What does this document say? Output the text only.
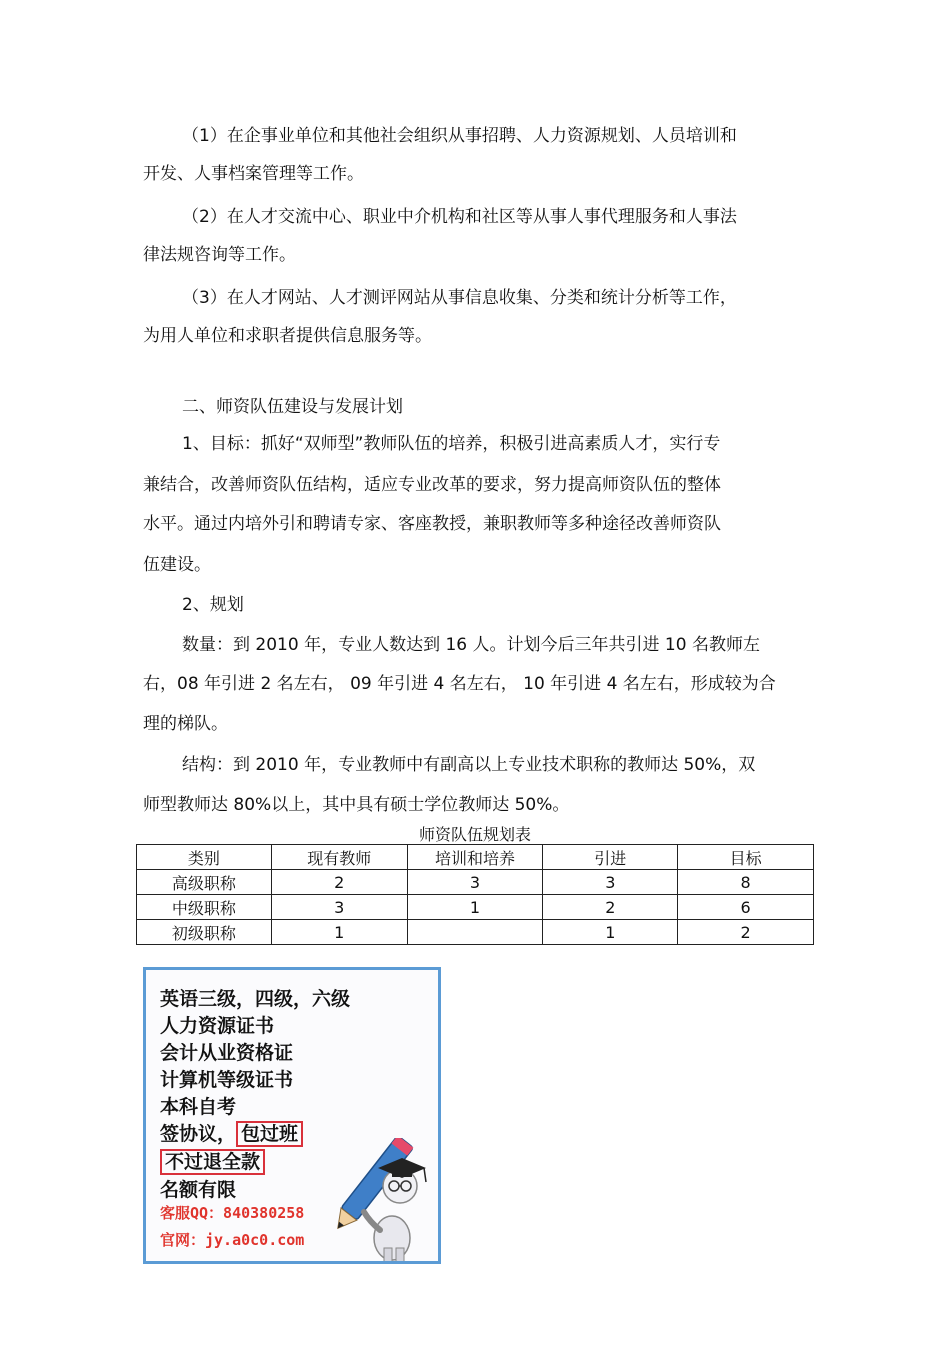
（1）在企事业单位和其他社会组织从事招聘、人力资源规划、人员培训和
开发、人事档案管理等工作。
（2）在人才交流中心、职业中介机构和社区等从事人事代理服务和人事法
律法规咨询等工作。
（3）在人才网站、人才测评网站从事信息收集、分类和统计分析等工作，
为用人单位和求职者提供信息服务等。
二、师资队伍建设与发展计划
1、目标：抓好“双师型”教师队伍的培养，积极引进高素质人才，实行专
兼结合，改善师资队伍结构，适应专业改革的要求，努力提高师资队伍的整体
水平。通过内培外引和聘请专家、客座教授，兼职教师等多种途径改善师资队
伍建设。
2、规划
数量：到 2010 年，专业人数达到 16 人。计划今后三年共引进 10 名教师左
右，08 年引进 2 名左右， 09 年引进 4 名左右， 10 年引进 4 名左右，形成较为合
理的梯队。
结构：到 2010 年，专业教师中有副高以上专业技术职称的教师达 50%，双
师型教师达 80%以上，其中具有硕士学位教师达 50%。
师资队伍规划表
类别	现有教师	培训和培养	引进	目标
高级职称	2	3	3	8
中级职称	3	1	2	6
初级职称	1		1	2
英语三级，四级，六级
人力资源证书
会计从业资格证
计算机等级证书
本科自考
签协议， 包过班
不过退全款
名额有限
客服QQ：840380258
官网：jy.a0c0.com
